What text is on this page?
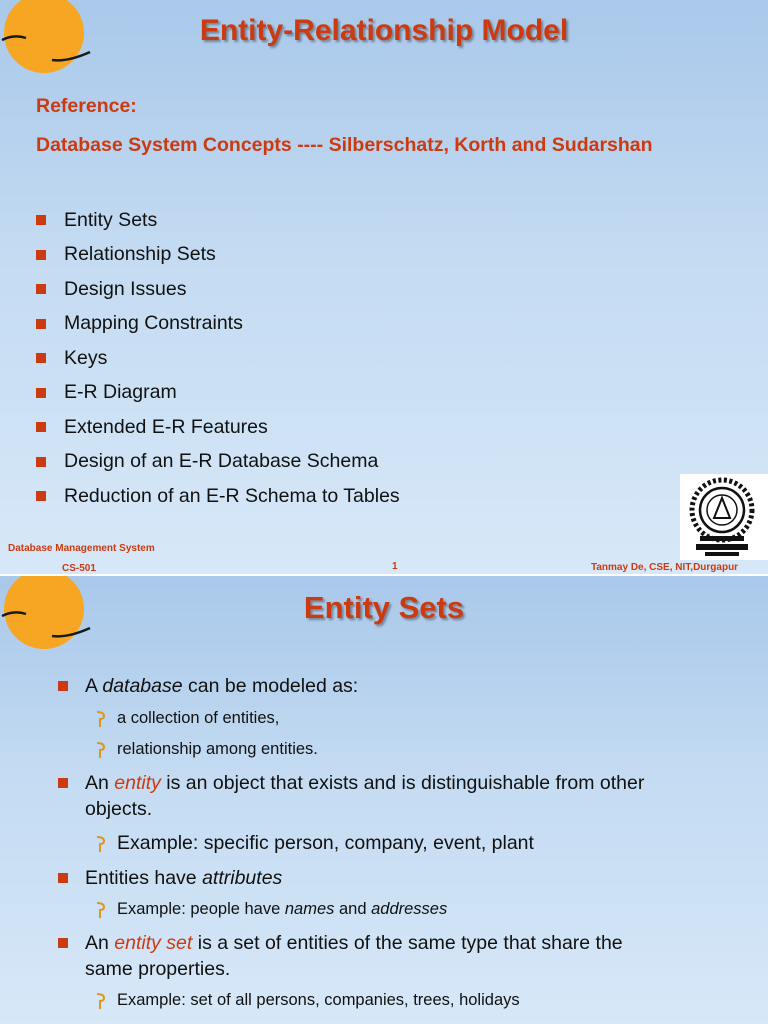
Entity-Relationship Model
Reference:
Database System Concepts ---- Silberschatz, Korth and Sudarshan
Entity Sets
Relationship Sets
Design Issues
Mapping Constraints
Keys
E-R Diagram
Extended E-R Features
Design of an E-R Database Schema
Reduction of an E-R Schema to Tables
Database Management System
CS-501	1	Tanmay De, CSE, NIT,Durgapur
Entity Sets
A database can be modeled as:
a collection of entities,
relationship among entities.
An entity is an object that exists and is distinguishable from other
objects.
Example: specific person, company, event, plant
Entities have attributes
Example: people have names and addresses
An entity set is a set of entities of the same type that share the
same properties.
Example: set of all persons, companies, trees, holidays
